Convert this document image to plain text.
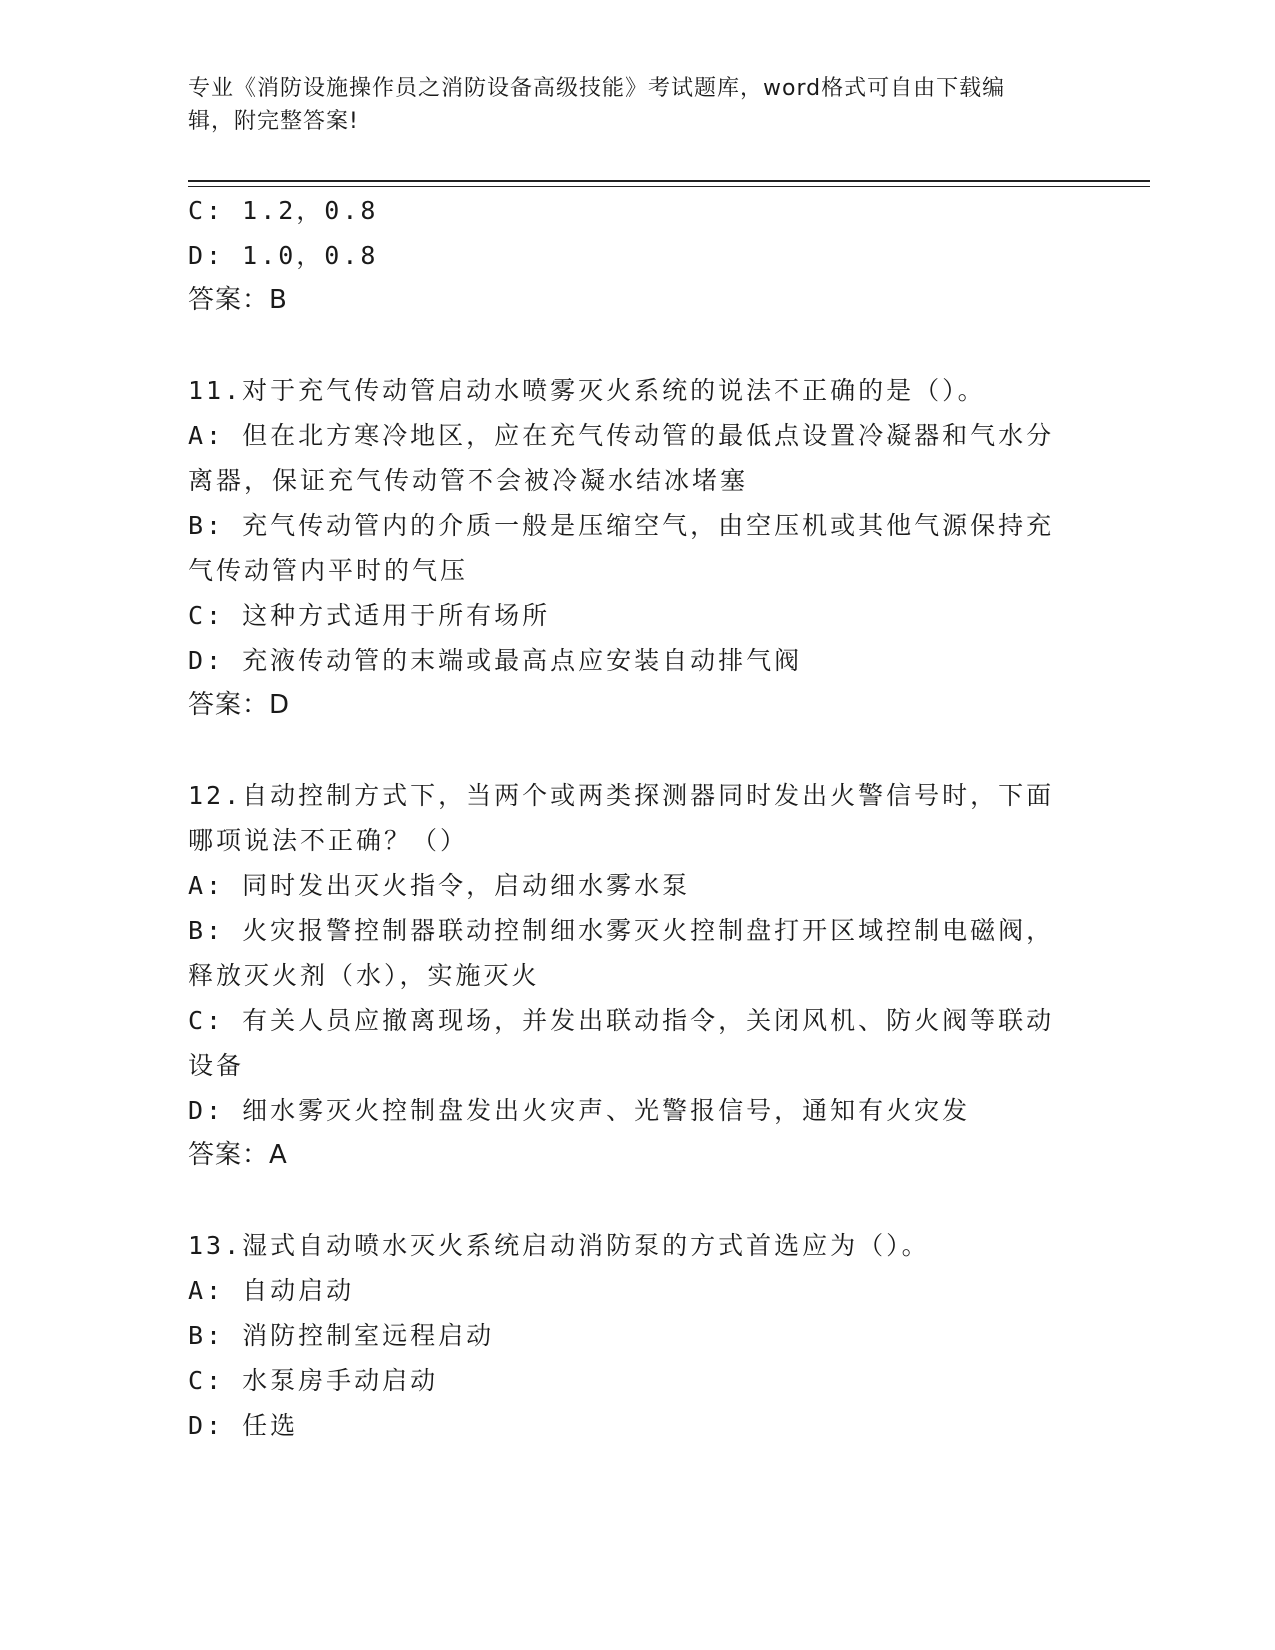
专业《消防设施操作员之消防设备高级技能》考试题库，word格式可自由下载编
辑，附完整答案!
C: 1.2，0.8
D: 1.0，0.8
答案：B
11.对于充气传动管启动水喷雾灭火系统的说法不正确的是（）。
A: 但在北方寒冷地区，应在充气传动管的最低点设置冷凝器和气水分
离器，保证充气传动管不会被冷凝水结冰堵塞
B: 充气传动管内的介质一般是压缩空气，由空压机或其他气源保持充
气传动管内平时的气压
C: 这种方式适用于所有场所
D: 充液传动管的末端或最高点应安装自动排气阀
答案：D
12.自动控制方式下，当两个或两类探测器同时发出火警信号时，下面
哪项说法不正确？（）
A: 同时发出灭火指令，启动细水雾水泵
B: 火灾报警控制器联动控制细水雾灭火控制盘打开区域控制电磁阀，
释放灭火剂（水），实施灭火
C: 有关人员应撤离现场，并发出联动指令，关闭风机、防火阀等联动
设备
D: 细水雾灭火控制盘发出火灾声、光警报信号，通知有火灾发
答案：A
13.湿式自动喷水灭火系统启动消防泵的方式首选应为（）。
A: 自动启动
B: 消防控制室远程启动
C: 水泵房手动启动
D: 任选
